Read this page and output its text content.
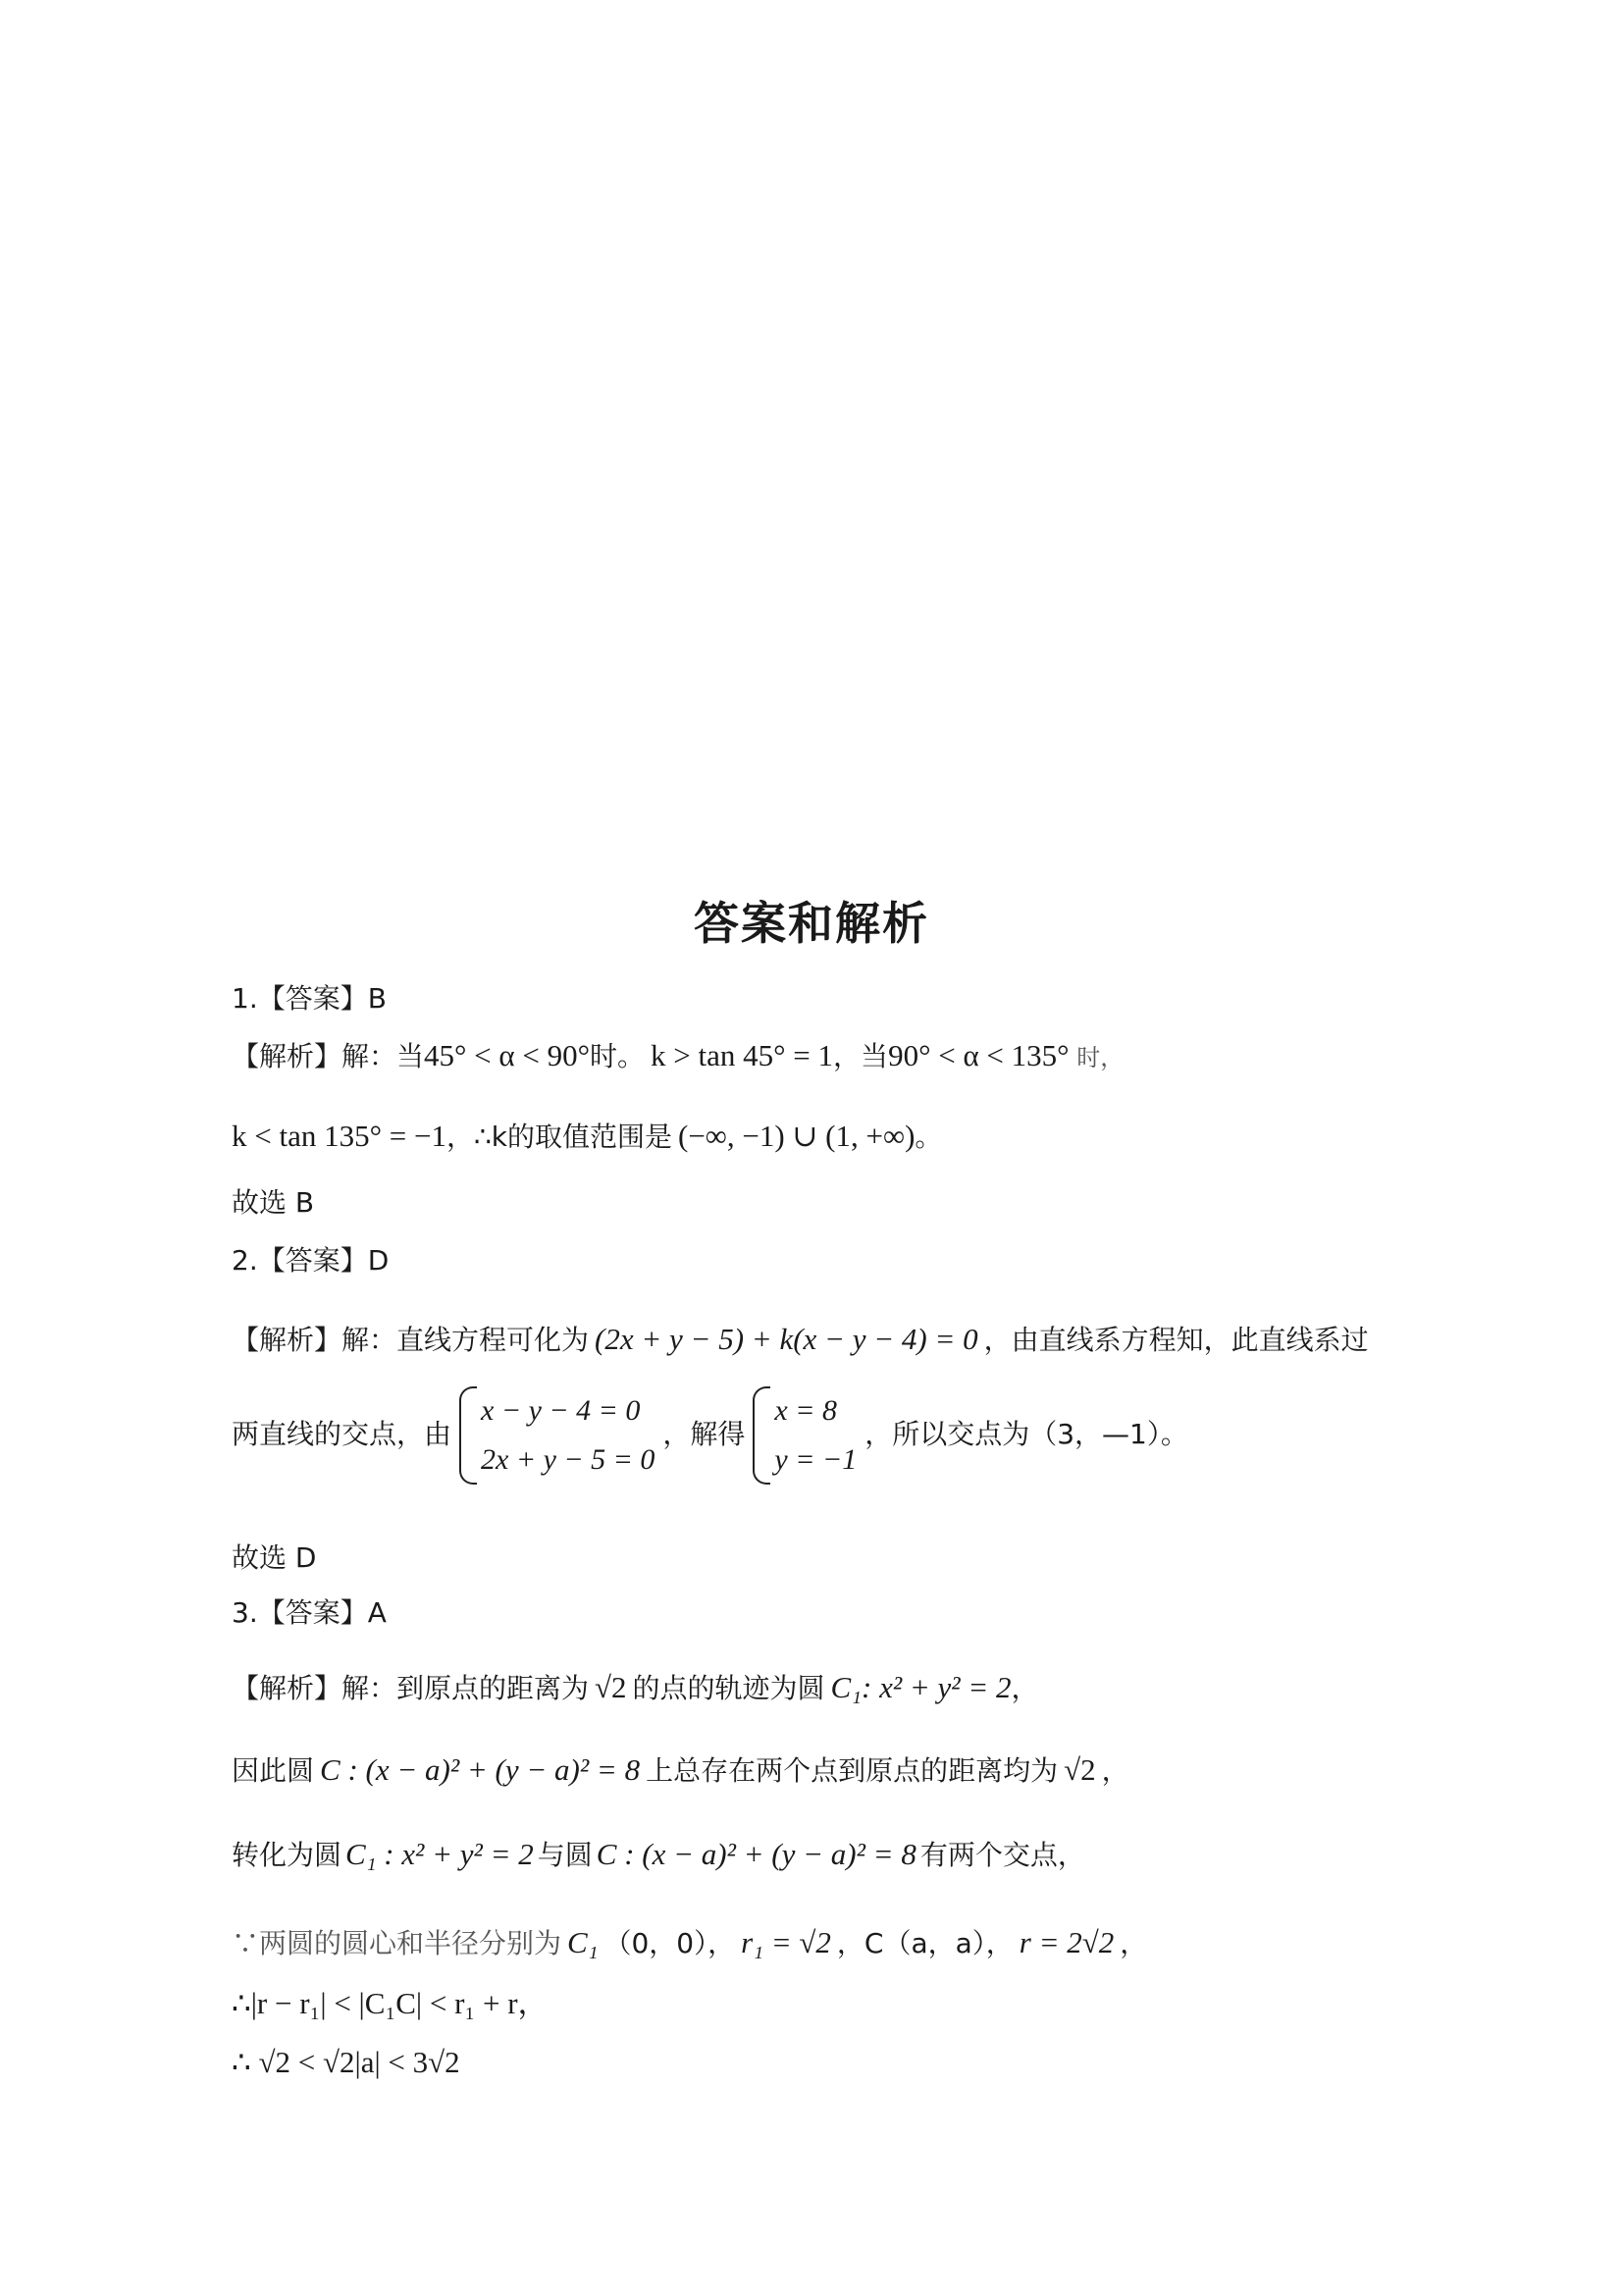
答案和解析
1.【答案】B
【解析】解：当45° < α < 90°时。 k > tan 45° = 1，当90° < α < 135° 时，
k < tan 135° = −1，∴k的取值范围是 (−∞, −1) ∪ (1, +∞)。
故选 B
2.【答案】D
【解析】解：直线方程可化为 (2x + y − 5) + k(x − y − 4) = 0 ，由直线系方程知，此直线系过
两直线的交点，由
x − y − 4 = 0
2x + y − 5 = 0
，解得
x = 8
y = −1
，所以交点为（3，—1）。
故选 D
3.【答案】A
【解析】解：到原点的距离为 √2 的点的轨迹为圆 C₁: x² + y² = 2，
因此圆 C : (x − a)² + (y − a)² = 8 上总存在两个点到原点的距离均为 √2 ，
转化为圆 C₁ : x² + y² = 2 与圆 C : (x − a)² + (y − a)² = 8 有两个交点，
∵两圆的圆心和半径分别为 C₁ （0，0）， r₁ = √2 ，C（a，a）， r = 2√2 ，
∴|r − r₁| < |C₁C| < r₁ + r，
∴ √2 < √2|a| < 3√2
